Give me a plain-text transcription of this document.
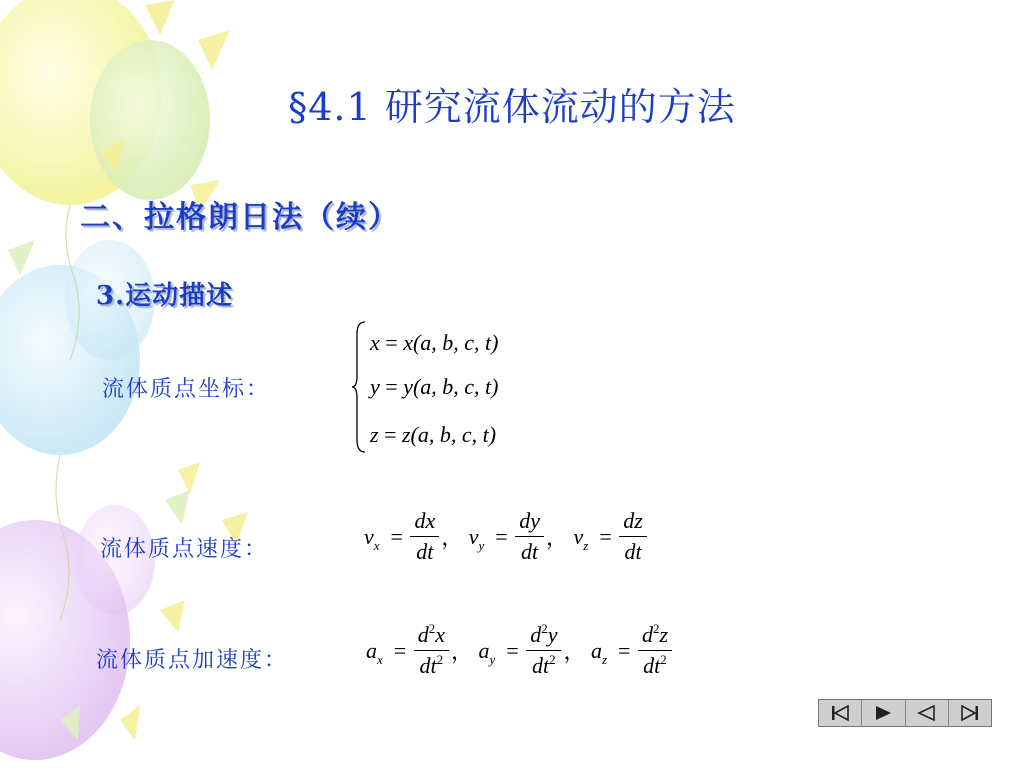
§4.1 研究流体流动的方法
二、拉格朗日法（续）
3.运动描述
流体质点坐标：
x = x(a, b, c, t)
y = y(a, b, c, t)
z = z(a, b, c, t)
流体质点速度：
$v_x = \frac{dx}{dt}$ ， $v_y = \frac{dy}{dt}$ ， $v_z = \frac{dz}{dt}$
流体质点加速度：	$a_x = \frac{d^2x}{dt^2}$ ， $a_y = \frac{d^2y}{dt^2}$ ， $a_z = \frac{d^2z}{dt^2}$
